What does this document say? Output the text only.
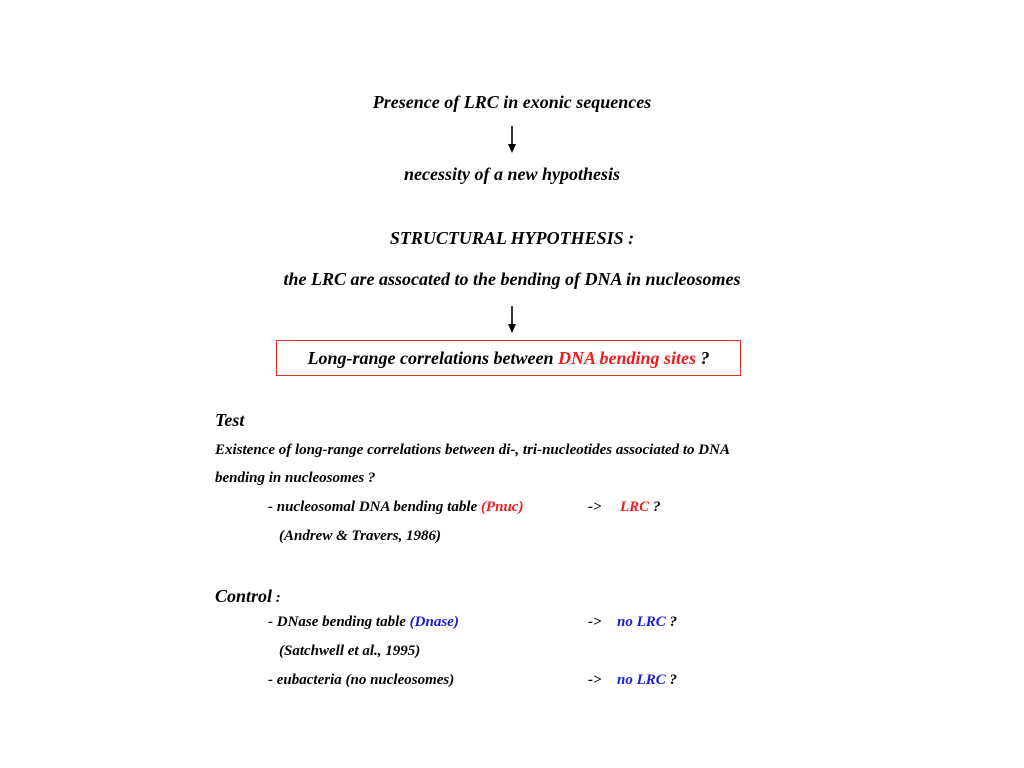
Presence of LRC in exonic sequences
necessity of a new hypothesis
STRUCTURAL HYPOTHESIS :
the LRC are assocated to the bending of DNA in nucleosomes
Long-range correlations between DNA bending sites ?
Test
Existence of long-range correlations between di-, tri-nucleotides associated to DNA
bending in nucleosomes ?
- nucleosomal DNA bending table (Pnuc)	-> LRC ?
(Andrew & Travers, 1986)
Control :
- DNase bending table (Dnase)	-> no LRC ?
(Satchwell et al., 1995)
- eubacteria (no nucleosomes)	-> no LRC ?
